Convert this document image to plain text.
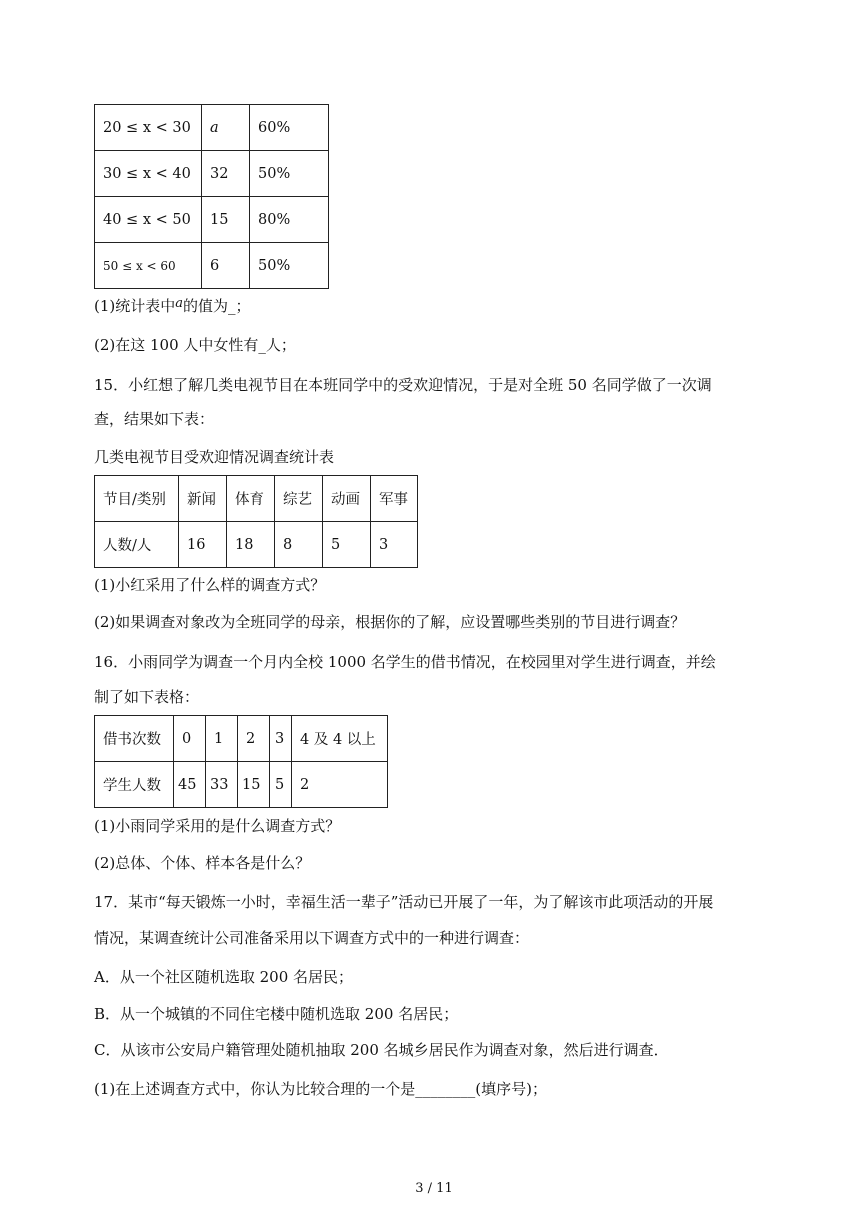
20 ≤ x < 30	a	60%
30 ≤ x < 40	32	50%
40 ≤ x < 50	15	80%
50 ≤ x < 60	6	50%
(1)统计表中a的值为_；
(2)在这 100 人中女性有_人；
15．小红想了解几类电视节目在本班同学中的受欢迎情况，于是对全班 50 名同学做了一次调
查，结果如下表：
几类电视节目受欢迎情况调查统计表
节目/类别	新闻	体育	综艺	动画	军事
人数/人	16	18	8	5	3
(1)小红采用了什么样的调查方式？
(2)如果调查对象改为全班同学的母亲，根据你的了解，应设置哪些类别的节目进行调查？
16．小雨同学为调查一个月内全校 1000 名学生的借书情况，在校园里对学生进行调查，并绘
制了如下表格：
借书次数	0	1	2	3	4 及 4 以上
学生人数	45	33	15	5	2
(1)小雨同学采用的是什么调查方式？
(2)总体、个体、样本各是什么？
17．某市“每天锻炼一小时，幸福生活一辈子”活动已开展了一年，为了解该市此项活动的开展
情况，某调查统计公司准备采用以下调查方式中的一种进行调查：
A．从一个社区随机选取 200 名居民；
B．从一个城镇的不同住宅楼中随机选取 200 名居民；
C．从该市公安局户籍管理处随机抽取 200 名城乡居民作为调查对象，然后进行调查．
(1)在上述调查方式中，你认为比较合理的一个是________(填序号)；
3 / 11
